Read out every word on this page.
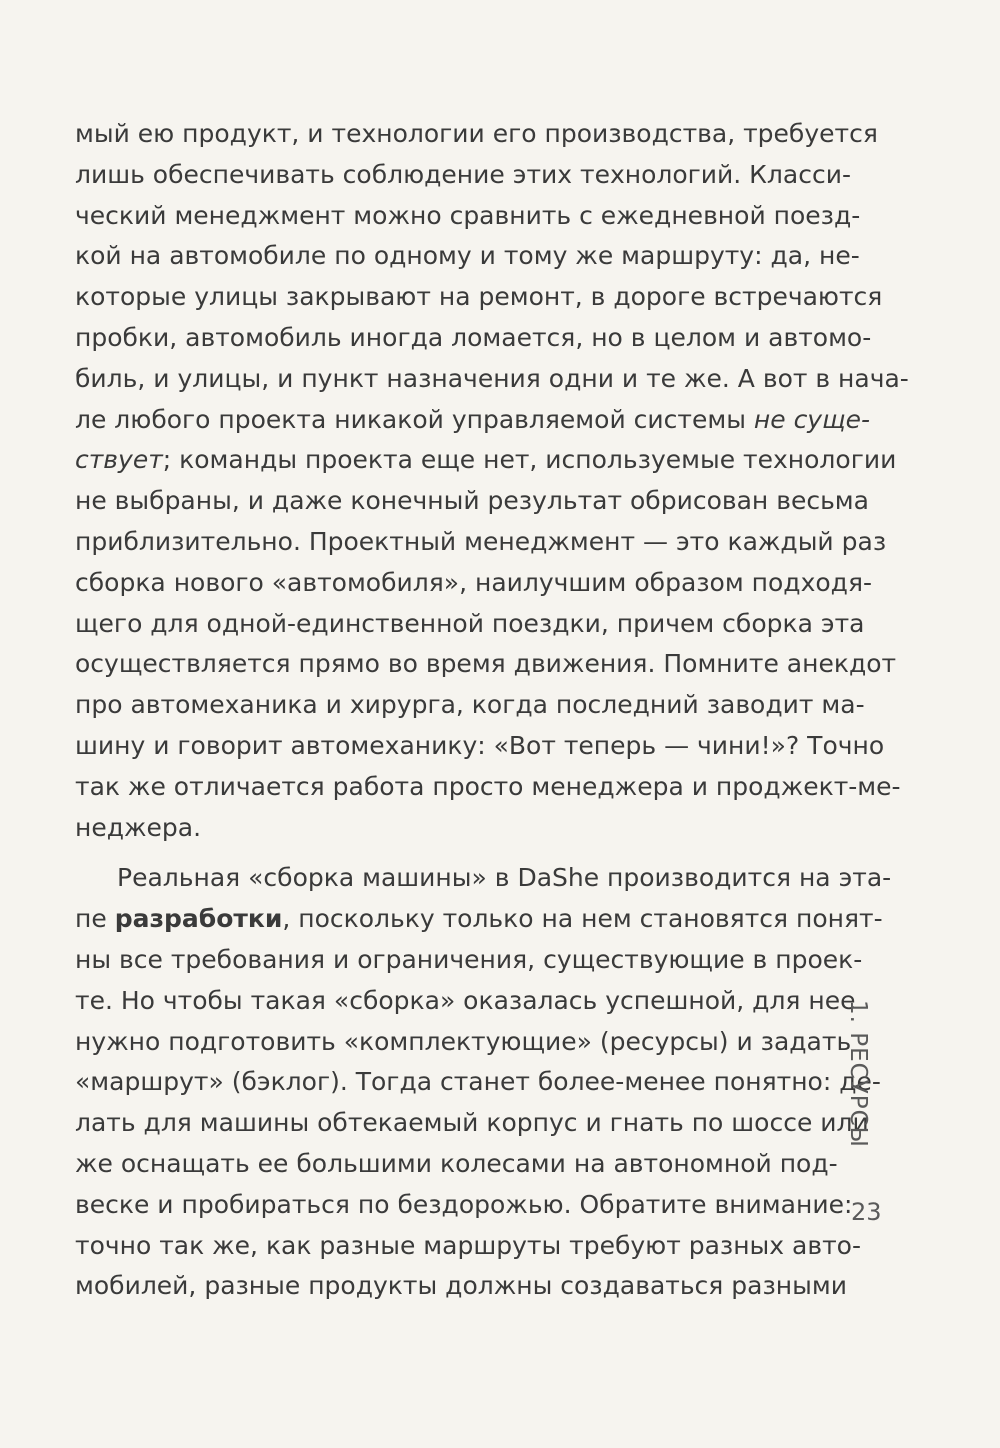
мый ею продукт, и технологии его производства, требуется
лишь обеспечивать соблюдение этих технологий. Класси-
ческий менеджмент можно сравнить с ежедневной поезд-
кой на автомобиле по одному и тому же маршруту: да, не-
которые улицы закрывают на ремонт, в дороге встречаются
пробки, автомобиль иногда ломается, но в целом и автомо-
биль, и улицы, и пункт назначения одни и те же. А вот в нача-
ле любого проекта никакой управляемой системы не суще-
ствует; команды проекта еще нет, используемые технологии
не выбраны, и даже конечный результат обрисован весьма
приблизительно. Проектный менеджмент — это каждый раз
сборка нового «автомобиля», наилучшим образом подходя-
щего для одной-единственной поездки, причем сборка эта
осуществляется прямо во время движения. Помните анекдот
про автомеханика и хирурга, когда последний заводит ма-
шину и говорит автомеханику: «Вот теперь — чини!»? Точно
так же отличается работа просто менеджера и проджект-ме-
неджера.
Реальная «сборка машины» в DaShe производится на эта-
пе разработки, поскольку только на нем становятся понят-
ны все требования и ограничения, существующие в проек-
те. Но чтобы такая «сборка» оказалась успешной, для нее
нужно подготовить «комплектующие» (ресурсы) и задать
«маршрут» (бэклог). Тогда станет более-менее понятно: де-
лать для машины обтекаемый корпус и гнать по шоссе или
же оснащать ее большими колесами на автономной под-
веске и пробираться по бездорожью. Обратите внимание:
точно так же, как разные маршруты требуют разных авто-
мобилей, разные продукты должны создаваться разными
1. РЕСУРСЫ
23
